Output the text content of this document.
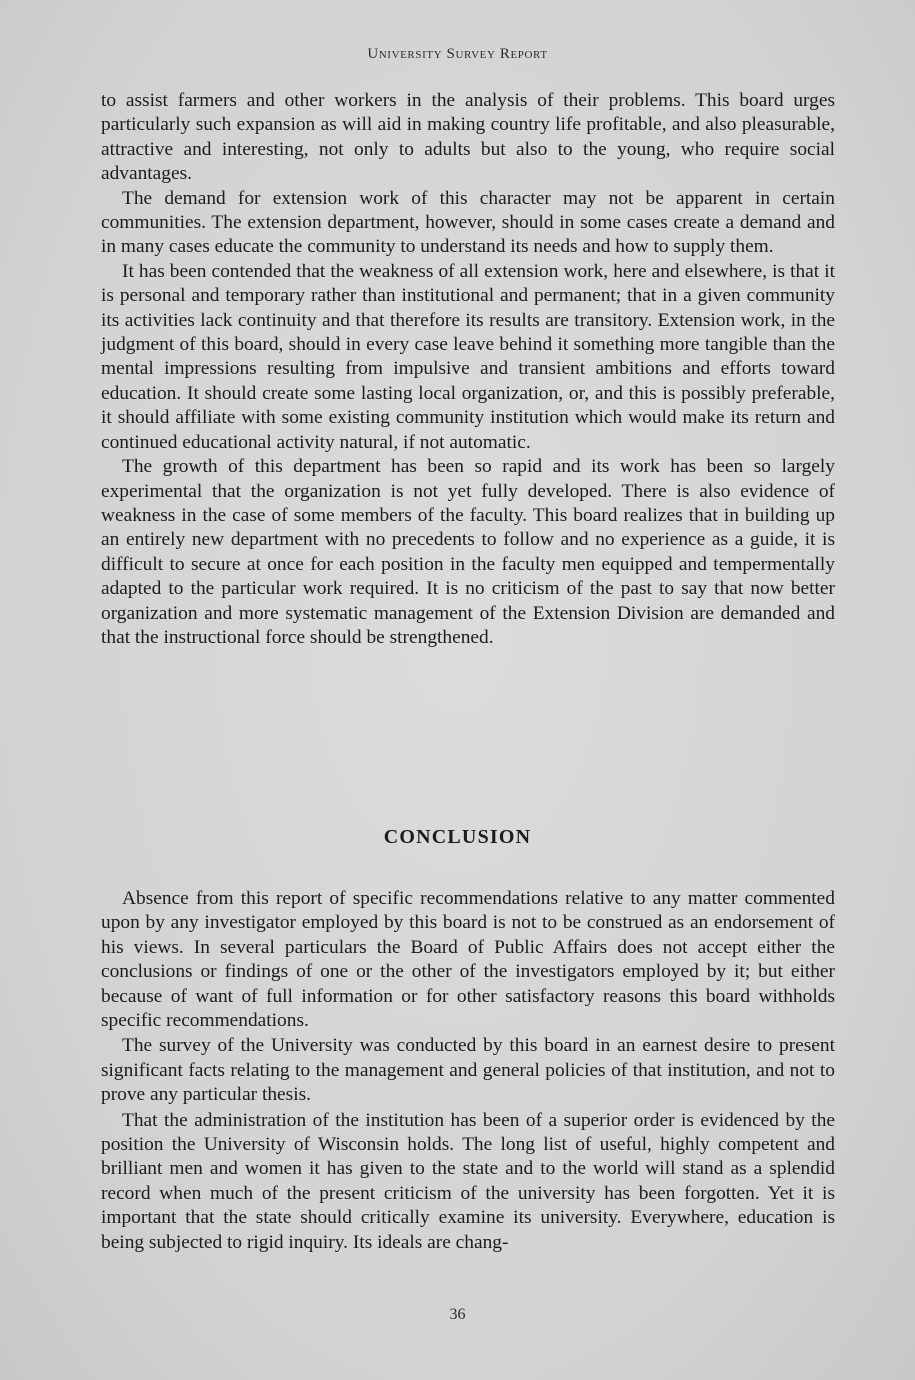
University Survey Report

to assist farmers and other workers in the analysis of their problems. This board urges particularly such expansion as will aid in making country life profitable, and also pleasurable, attractive and interesting, not only to adults but also to the young, who require social advantages.

The demand for extension work of this character may not be apparent in certain communities. The extension department, however, should in some cases create a demand and in many cases educate the community to understand its needs and how to supply them.

It has been contended that the weakness of all extension work, here and elsewhere, is that it is personal and temporary rather than institutional and permanent; that in a given community its activities lack continuity and that therefore its results are transitory. Extension work, in the judgment of this board, should in every case leave behind it something more tangible than the mental impressions resulting from impulsive and transient ambitions and efforts toward education. It should create some lasting local organization, or, and this is possibly preferable, it should affiliate with some existing community institution which would make its return and continued educational activity natural, if not automatic.

The growth of this department has been so rapid and its work has been so largely experimental that the organization is not yet fully developed. There is also evidence of weakness in the case of some members of the faculty. This board realizes that in building up an entirely new department with no precedents to follow and no experience as a guide, it is difficult to secure at once for each position in the faculty men equipped and tempermentally adapted to the particular work required. It is no criticism of the past to say that now better organization and more systematic management of the Extension Division are demanded and that the instructional force should be strengthened.

CONCLUSION

Absence from this report of specific recommendations relative to any matter commented upon by any investigator employed by this board is not to be construed as an endorsement of his views. In several particulars the Board of Public Affairs does not accept either the conclusions or findings of one or the other of the investigators employed by it; but either because of want of full information or for other satisfactory reasons this board withholds specific recommendations.

The survey of the University was conducted by this board in an earnest desire to present significant facts relating to the management and general policies of that institution, and not to prove any particular thesis.

That the administration of the institution has been of a superior order is evidenced by the position the University of Wisconsin holds. The long list of useful, highly competent and brilliant men and women it has given to the state and to the world will stand as a splendid record when much of the present criticism of the university has been forgotten. Yet it is important that the state should critically examine its university. Everywhere, education is being subjected to rigid inquiry. Its ideals are chang-

36
